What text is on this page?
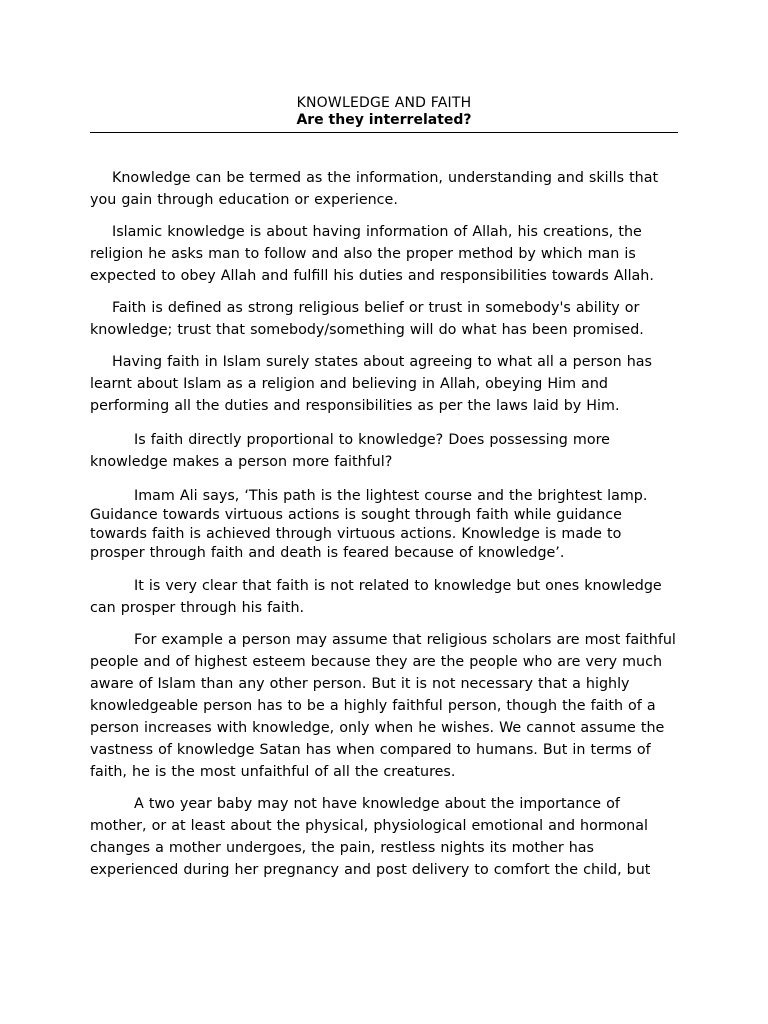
KNOWLEDGE AND FAITH
Are they interrelated?

Knowledge can be termed as the information, understanding and skills that you gain through education or experience.

Islamic knowledge is about having information of Allah, his creations, the religion he asks man to follow and also the proper method by which man is expected to obey Allah and fulfill his duties and responsibilities towards Allah.

Faith is defined as strong religious belief or trust in somebody's ability or knowledge; trust that somebody/something will do what has been promised.

Having faith in Islam surely states about agreeing to what all a person has learnt about Islam as a religion and believing in Allah, obeying Him and performing all the duties and responsibilities as per the laws laid by Him.

Is faith directly proportional to knowledge? Does possessing more knowledge makes a person more faithful?

Imam Ali says, ‘This path is the lightest course and the brightest lamp. Guidance towards virtuous actions is sought through faith while guidance towards faith is achieved through virtuous actions. Knowledge is made to prosper through faith and death is feared because of knowledge’.

It is very clear that faith is not related to knowledge but ones knowledge can prosper through his faith.

For example a person may assume that religious scholars are most faithful people and of highest esteem because they are the people who are very much aware of Islam than any other person. But it is not necessary that a highly knowledgeable person has to be a highly faithful person, though the faith of a person increases with knowledge, only when he wishes. We cannot assume the vastness of knowledge Satan has when compared to humans. But in terms of faith, he is the most unfaithful of all the creatures.

A two year baby may not have knowledge about the importance of mother, or at least about the physical, physiological emotional and hormonal changes a mother undergoes, the pain, restless nights its mother has experienced during her pregnancy and post delivery to comfort the child, but
